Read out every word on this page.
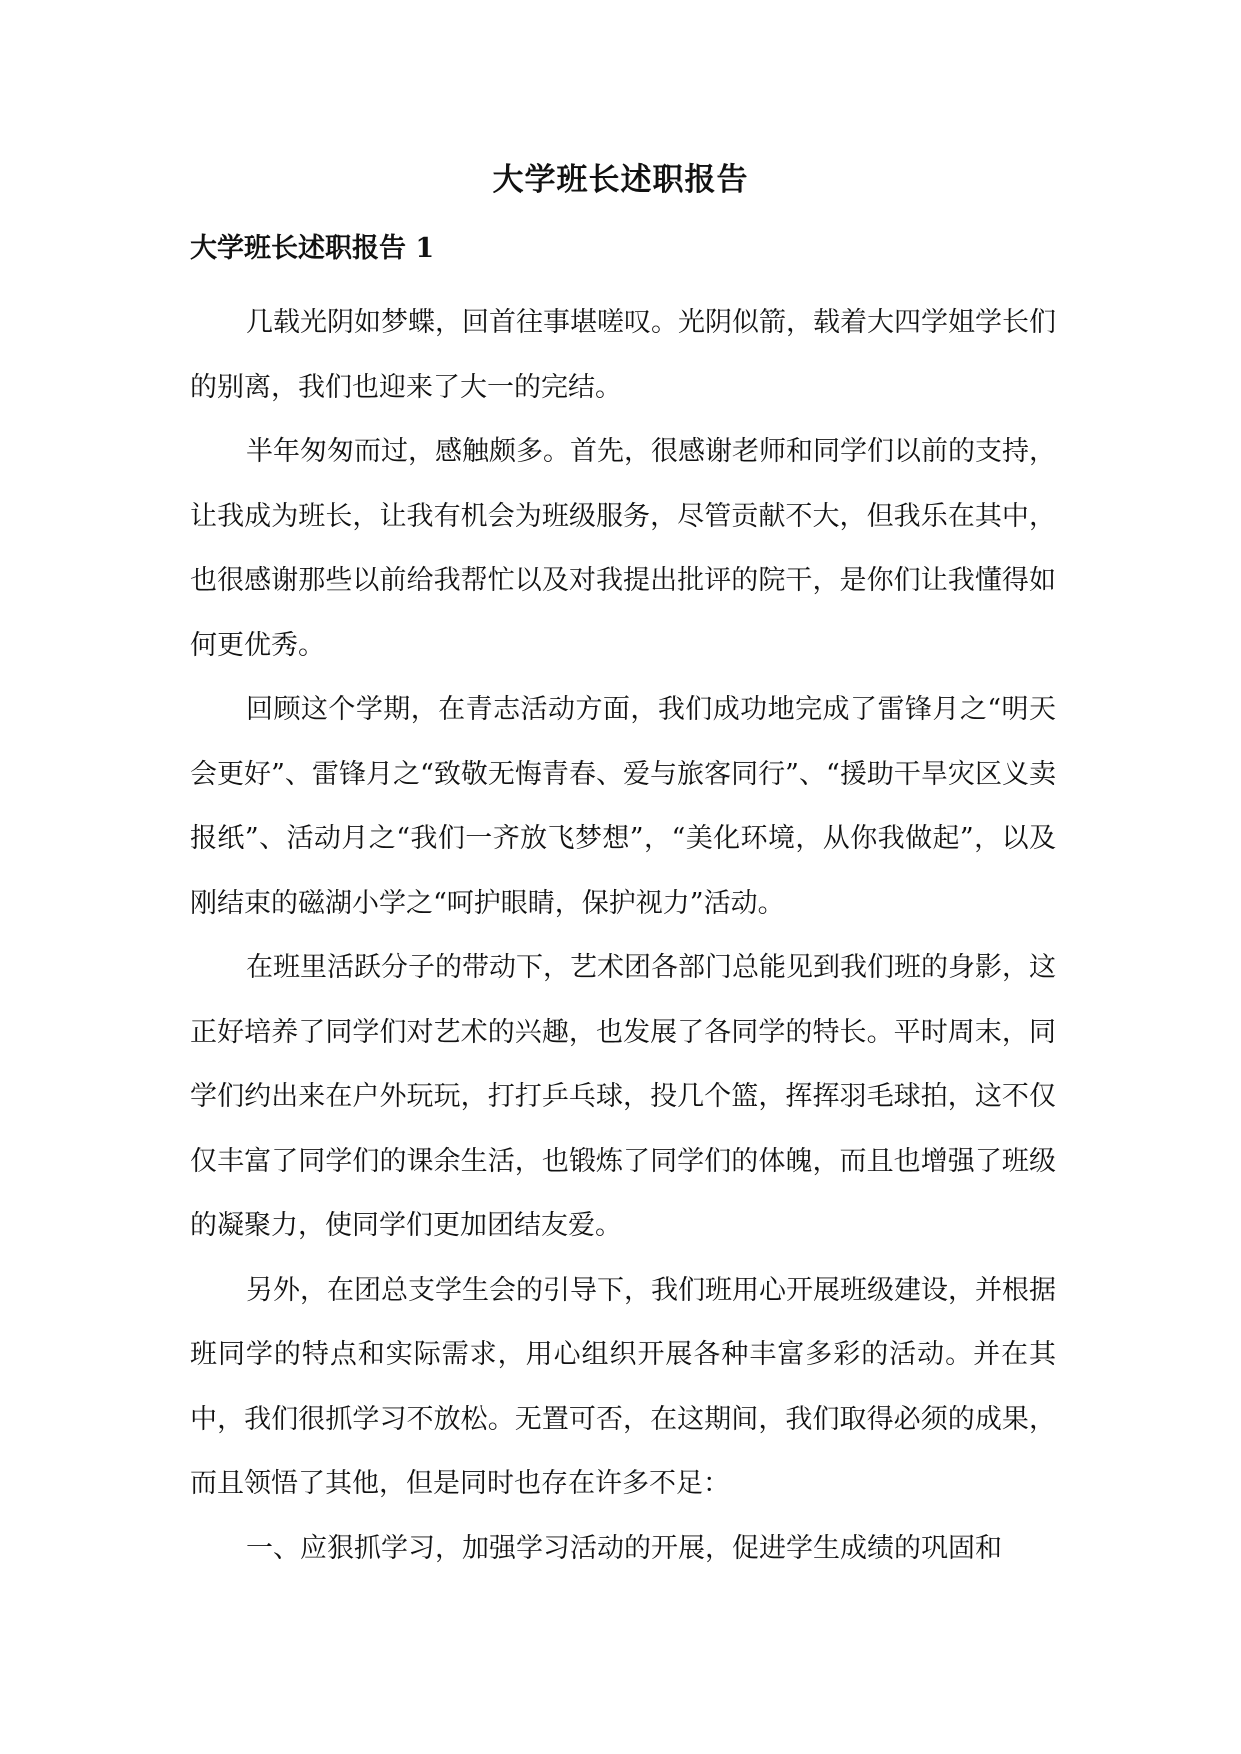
大学班长述职报告
大学班长述职报告 1

几载光阴如梦蝶，回首往事堪嗟叹。光阴似箭，载着大四学姐学长们的别离，我们也迎来了大一的完结。

半年匆匆而过，感触颇多。首先，很感谢老师和同学们以前的支持，让我成为班长，让我有机会为班级服务，尽管贡献不大，但我乐在其中，也很感谢那些以前给我帮忙以及对我提出批评的院干，是你们让我懂得如何更优秀。

回顾这个学期，在青志活动方面，我们成功地完成了雷锋月之“明天会更好”、雷锋月之“致敬无悔青春、爱与旅客同行”、“援助干旱灾区义卖报纸”、活动月之“我们一齐放飞梦想”，“美化环境，从你我做起”，以及刚结束的磁湖小学之“呵护眼睛，保护视力”活动。

在班里活跃分子的带动下，艺术团各部门总能见到我们班的身影，这正好培养了同学们对艺术的兴趣，也发展了各同学的特长。平时周末，同学们约出来在户外玩玩，打打乒乓球，投几个篮，挥挥羽毛球拍，这不仅仅丰富了同学们的课余生活，也锻炼了同学们的体魄，而且也增强了班级的凝聚力，使同学们更加团结友爱。

另外，在团总支学生会的引导下，我们班用心开展班级建设，并根据班同学的特点和实际需求，用心组织开展各种丰富多彩的活动。并在其中，我们很抓学习不放松。无置可否，在这期间，我们取得必须的成果，而且领悟了其他，但是同时也存在许多不足：

一、应狠抓学习，加强学习活动的开展，促进学生成绩的巩固和
